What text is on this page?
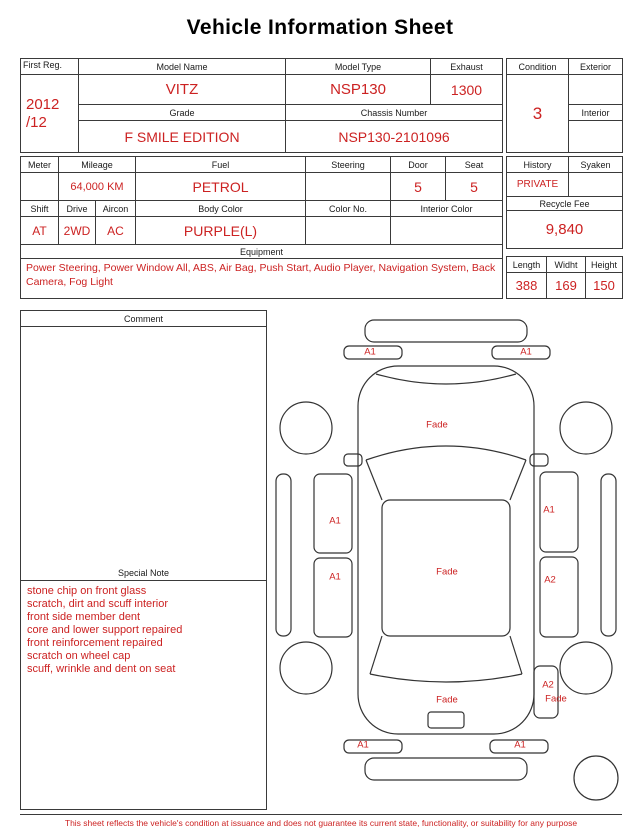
Vehicle Information Sheet
First Reg.	Model Name	Model Type	Exhaust

2012
/12	VITZ	NSP130	1300
	Grade	Chassis Number	
	F SMILE EDITION	NSP130-2101096	
Condition	Exterior
3	
	Interior

Meter	Mileage		Fuel	Steering	Door	Seat
	64,000 KM		PETROL		5	5
Shift	Drive	Aircon	Body Color	Color No.	Interior Color	
AT	2WD	AC	PURPLE(L)			
Equipment						
Power Steering, Power Window All, ABS, Air Bag, Push Start, Audio Player, Navigation System, Back Camera, Fog Light						
History	Syaken
PRIVATE	
Recycle Fee	
9,840	
Length	Widht	Height
388	169	150
Comment
Special Note
stone chip on front glass
scratch, dirt and scuff interior
front side member dent
core and lower support repaired
front reinforcement repaired
scratch on wheel cap
scuff, wrinkle and dent on seat
A1	A1
Fade
A1
A1
A1	Fade
A2
A2
Fade
Fade
A1	A1
This sheet reflects the vehicle's condition at issuance and does not guarantee its current state, functionality, or suitability for any purpose
